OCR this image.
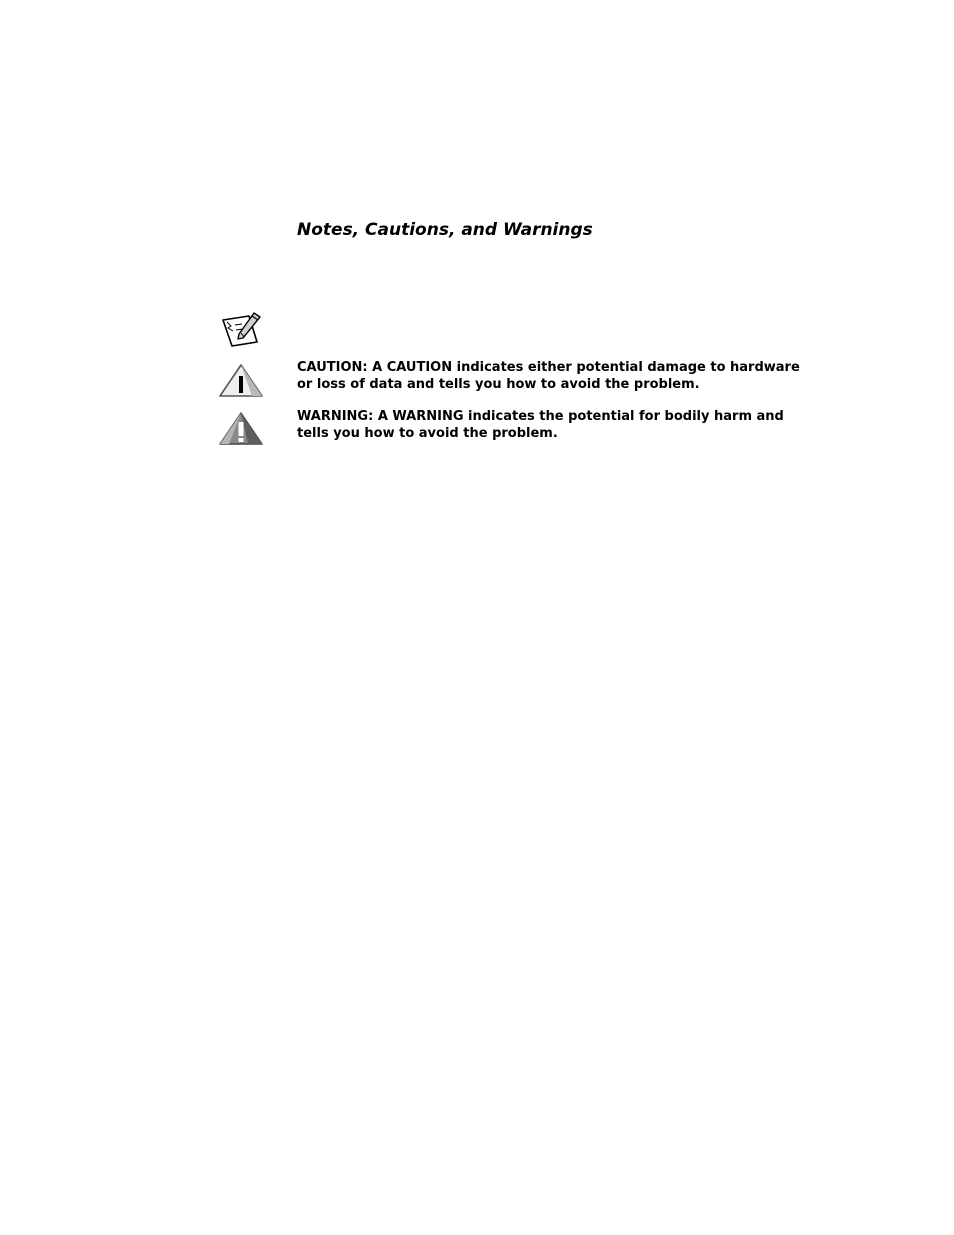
Notes, Cautions, and Warnings

CAUTION: A CAUTION indicates either potential damage to hardware or loss of data and tells you how to avoid the problem.

WARNING: A WARNING indicates the potential for bodily harm and tells you how to avoid the problem.
